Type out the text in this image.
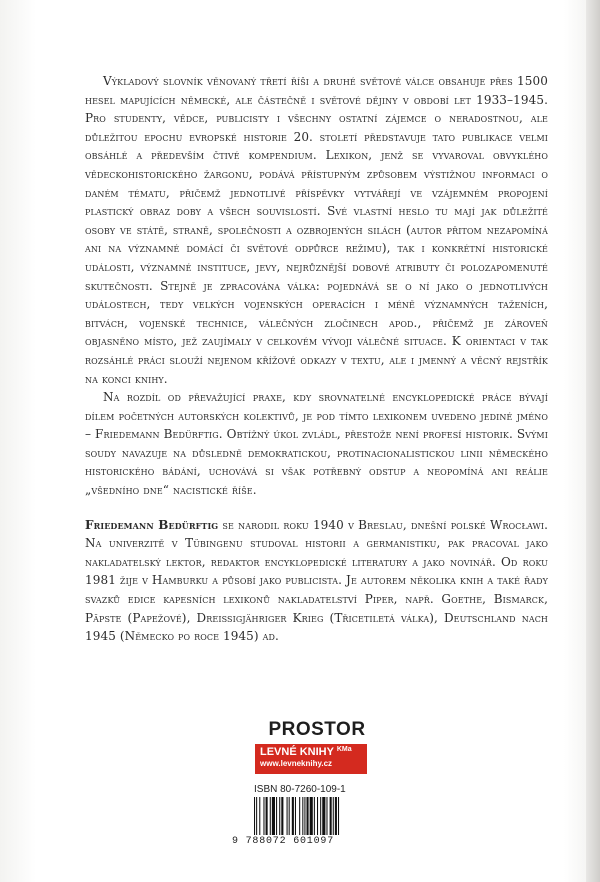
Výkladový slovník věnovaný třetí říši a druhé světové válce obsahuje přes 1500 hesel mapujících německé, ale částečně i světové dějiny v období let 1933–1945. Pro studenty, vědce, publicisty i všechny ostatní zájemce o neradostnou, ale důležitou epochu evropské historie 20. století představuje tato publikace velmi obsáhlé a především čtivé kompendium. Lexikon, jenž se vyvaroval obvyklého vědeckohistorického žargonu, podává přístupným způsobem výstižnou informaci o daném tématu, přičemž jednotlivé příspěvky vytvářejí ve vzájemném propojení plastický obraz doby a všech souvislostí. Své vlastní heslo tu mají jak důležité osoby ve státě, straně, společnosti a ozbrojených silách (autor přitom nezapomíná ani na významné domácí či světové odpůrce režimu), tak i konkrétní historické události, významné instituce, jevy, nejrůznější dobové atributy či polozapomenuté skutečnosti. Stejně je zpracována válka: pojednává se o ní jako o jednotlivých událostech, tedy velkých vojenských operacích i méně významných taženích, bitvách, vojenské technice, válečných zločinech apod., přičemž je zároveň objasněno místo, jež zaujímaly v celkovém vývoji válečné situace. K orientaci v tak rozsáhlé práci slouží nejenom křížové odkazy v textu, ale i jmenný a věcný rejstřík na konci knihy.

Na rozdíl od převažující praxe, kdy srovnatelné encyklopedické práce bývají dílem početných autorských kolektivů, je pod tímto lexikonem uvedeno jediné jméno – Friedemann Bedürftig. Obtížný úkol zvládl, přestože není profesí historik. Svými soudy navazuje na důsledně demokratickou, protinacionalistickou linii německého historického bádání, uchovává si však potřebný odstup a neopomíná ani reálie „všedního dne“ nacistické říše.

Friedemann Bedürftig se narodil roku 1940 v Breslau, dnešní polské Wrocławi. Na univerzitě v Tübingenu studoval historii a germanistiku, pak pracoval jako nakladatelský lektor, redaktor encyklopedické literatury a jako novinář. Od roku 1981 žije v Hamburku a působí jako publicista. Je autorem několika knih a také řady svazků edice kapesních lexikonů nakladatelství Piper, např. Goethe, Bismarck, Päpste (Papežové), Dreissigjähriger Krieg (Třicetiletá válka), Deutschland nach 1945 (Německo po roce 1945) ad.

PROSTOR
LEVNÉ KNIHY $^{KMa}$
www.levneknihy.cz
ISBN 80-7260-109-1
9 788072 601097
